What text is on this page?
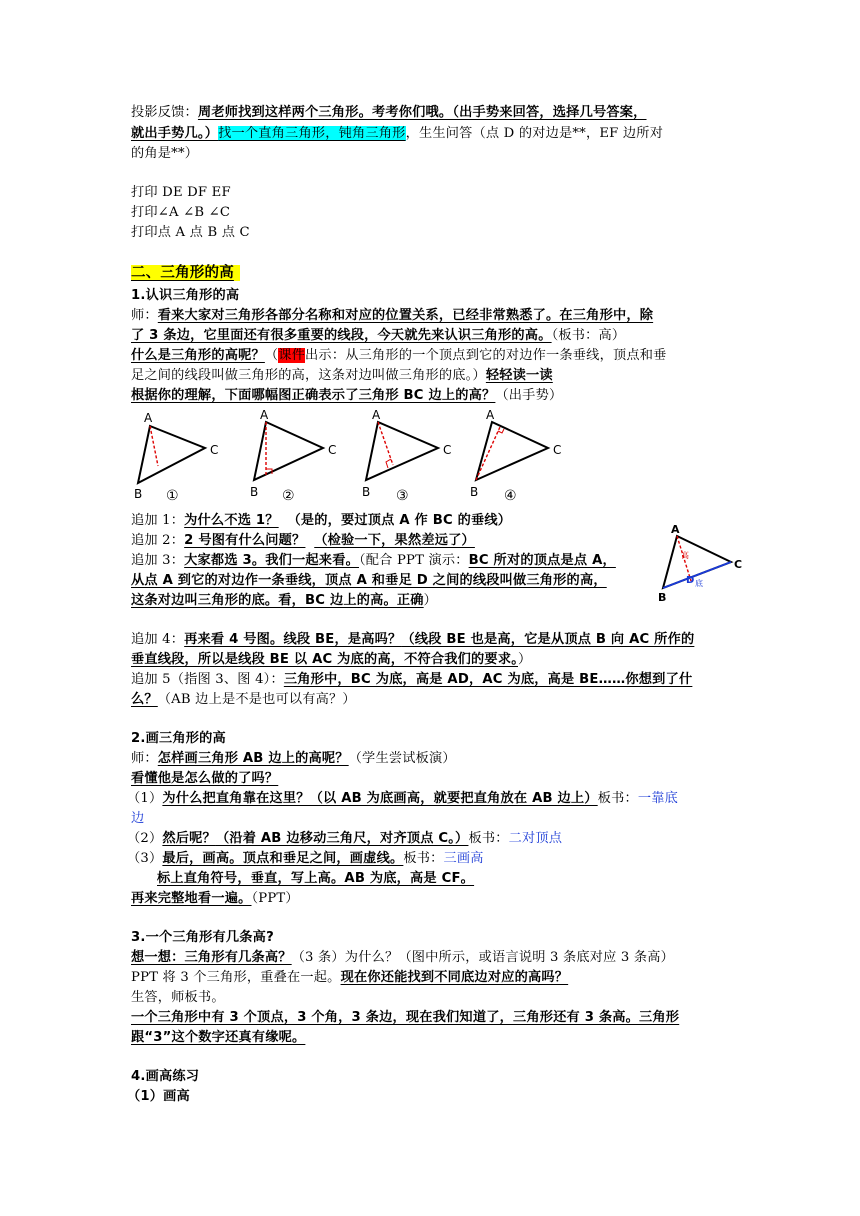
投影反馈：周老师找到这样两个三角形。考考你们哦。（出手势来回答，选择几号答案，
就出手势几。）找一个直角三角形，钝角三角形，生生问答（点 D 的对边是**，EF 边所对
的角是**）
打印 DE DF EF
打印∠A ∠B ∠C
打印点 A 点 B 点 C
二、三角形的高
1.认识三角形的高
师：看来大家对三角形各部分名称和对应的位置关系，已经非常熟悉了。在三角形中，除
了 3 条边，它里面还有很多重要的线段，今天就先来认识三角形的高。（板书：高）
什么是三角形的高呢？（课件出示：从三角形的一个顶点到它的对边作一条垂线，顶点和垂
足之间的线段叫做三角形的高，这条对边叫做三角形的底。）轻轻读一读
根据你的理解，下面哪幅图正确表示了三角形 BC 边上的高？（出手势）
A
C
B ①
A
C
B ②
A
C
B ③
A
C
B ④
追加 1：为什么不选 1？ （是的，要过顶点 A 作 BC 的垂线）
追加 2：2 号图有什么问题？ （检验一下，果然差远了）
追加 3：大家都选 3。我们一起来看。（配合 PPT 演示：BC 所对的顶点是点 A，
从点 A 到它的对边作一条垂线，顶点 A 和垂足 D 之间的线段叫做三角形的高，
这条对边叫三角形的底。看，BC 边上的高。正确）
A
C
B
D 底
高
追加 4：再来看 4 号图。线段 BE，是高吗？（线段 BE 也是高，它是从顶点 B 向 AC 所作的
垂直线段，所以是线段 BE 以 AC 为底的高，不符合我们的要求。）
追加 5（指图 3、图 4）：三角形中，BC 为底，高是 AD，AC 为底，高是 BE……你想到了什
么？（AB 边上是不是也可以有高？）
2.画三角形的高
师：怎样画三角形 AB 边上的高呢？（学生尝试板演）
看懂他是怎么做的了吗？
（1）为什么把直角靠在这里？（以 AB 为底画高，就要把直角放在 AB 边上）板书：一靠底
边
（2）然后呢？（沿着 AB 边移动三角尺，对齐顶点 C。）板书：二对顶点
（3）最后，画高。顶点和垂足之间，画虚线。板书：三画高
标上直角符号，垂直，写上高。AB 为底，高是 CF。
再来完整地看一遍。（PPT）
3.一个三角形有几条高?
想一想：三角形有几条高？（3 条）为什么？（图中所示，或语言说明 3 条底对应 3 条高）
PPT 将 3 个三角形，重叠在一起。现在你还能找到不同底边对应的高吗？
生答，师板书。
一个三角形中有 3 个顶点，3 个角，3 条边，现在我们知道了，三角形还有 3 条高。三角形
跟“3”这个数字还真有缘呢。
4.画高练习
（1）画高
